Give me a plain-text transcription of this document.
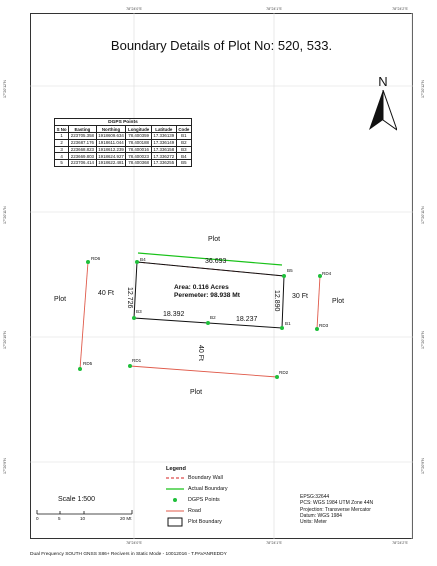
78°24'0"E	78°24'1"E	78°24'2"E
78°24'0"E	78°24'1"E	78°24'2"E
17°20'12"N
17°20'11"N
17°20'10"N
17°20'9"N
17°20'12"N
17°20'11"N
17°20'10"N
17°20'9"N
Boundary Details of Plot No: 520, 533.
N
DGPS Points
S No	Easting	Northing	Longitude	Latitude	Code
1	223705.358	1918609.634	78.400359	17.336139	B1
2	223687.176	1918611.044	78.400188	17.336149	B2
3	223668.823	1918612.239	78.400016	17.336158	B3
4	223669.803	1918624.927	78.400023	17.336272	B4
5	223706.414	1918622.481	78.400368	17.336255	B5
B4
B5
B3
B2
B1
RD6
RD5
RD1
RD2
RD4
RD3
36.693
12.726
18.392
18.237
12.890
Area: 0.116 Acres
Peremeter: 98.938 Mt
Plot
Plot	Plot
Plot
40 Ft	30 Ft
40 Ft
Legend
Boundary Wall
Actual Boundary
DGPS Points
Road
Plot Boundary
EPSG:32644
PCS: WGS 1984 UTM Zone 44N
Projection: Transverse Mercator
Datum: WGS 1984
Units: Meter
Scale 1:500
0	5	10	20 Mt
Dual Frequency SOUTH GNSS S86+ Recivers in Static Mode - 10012016 - T.PAVANREDDY
